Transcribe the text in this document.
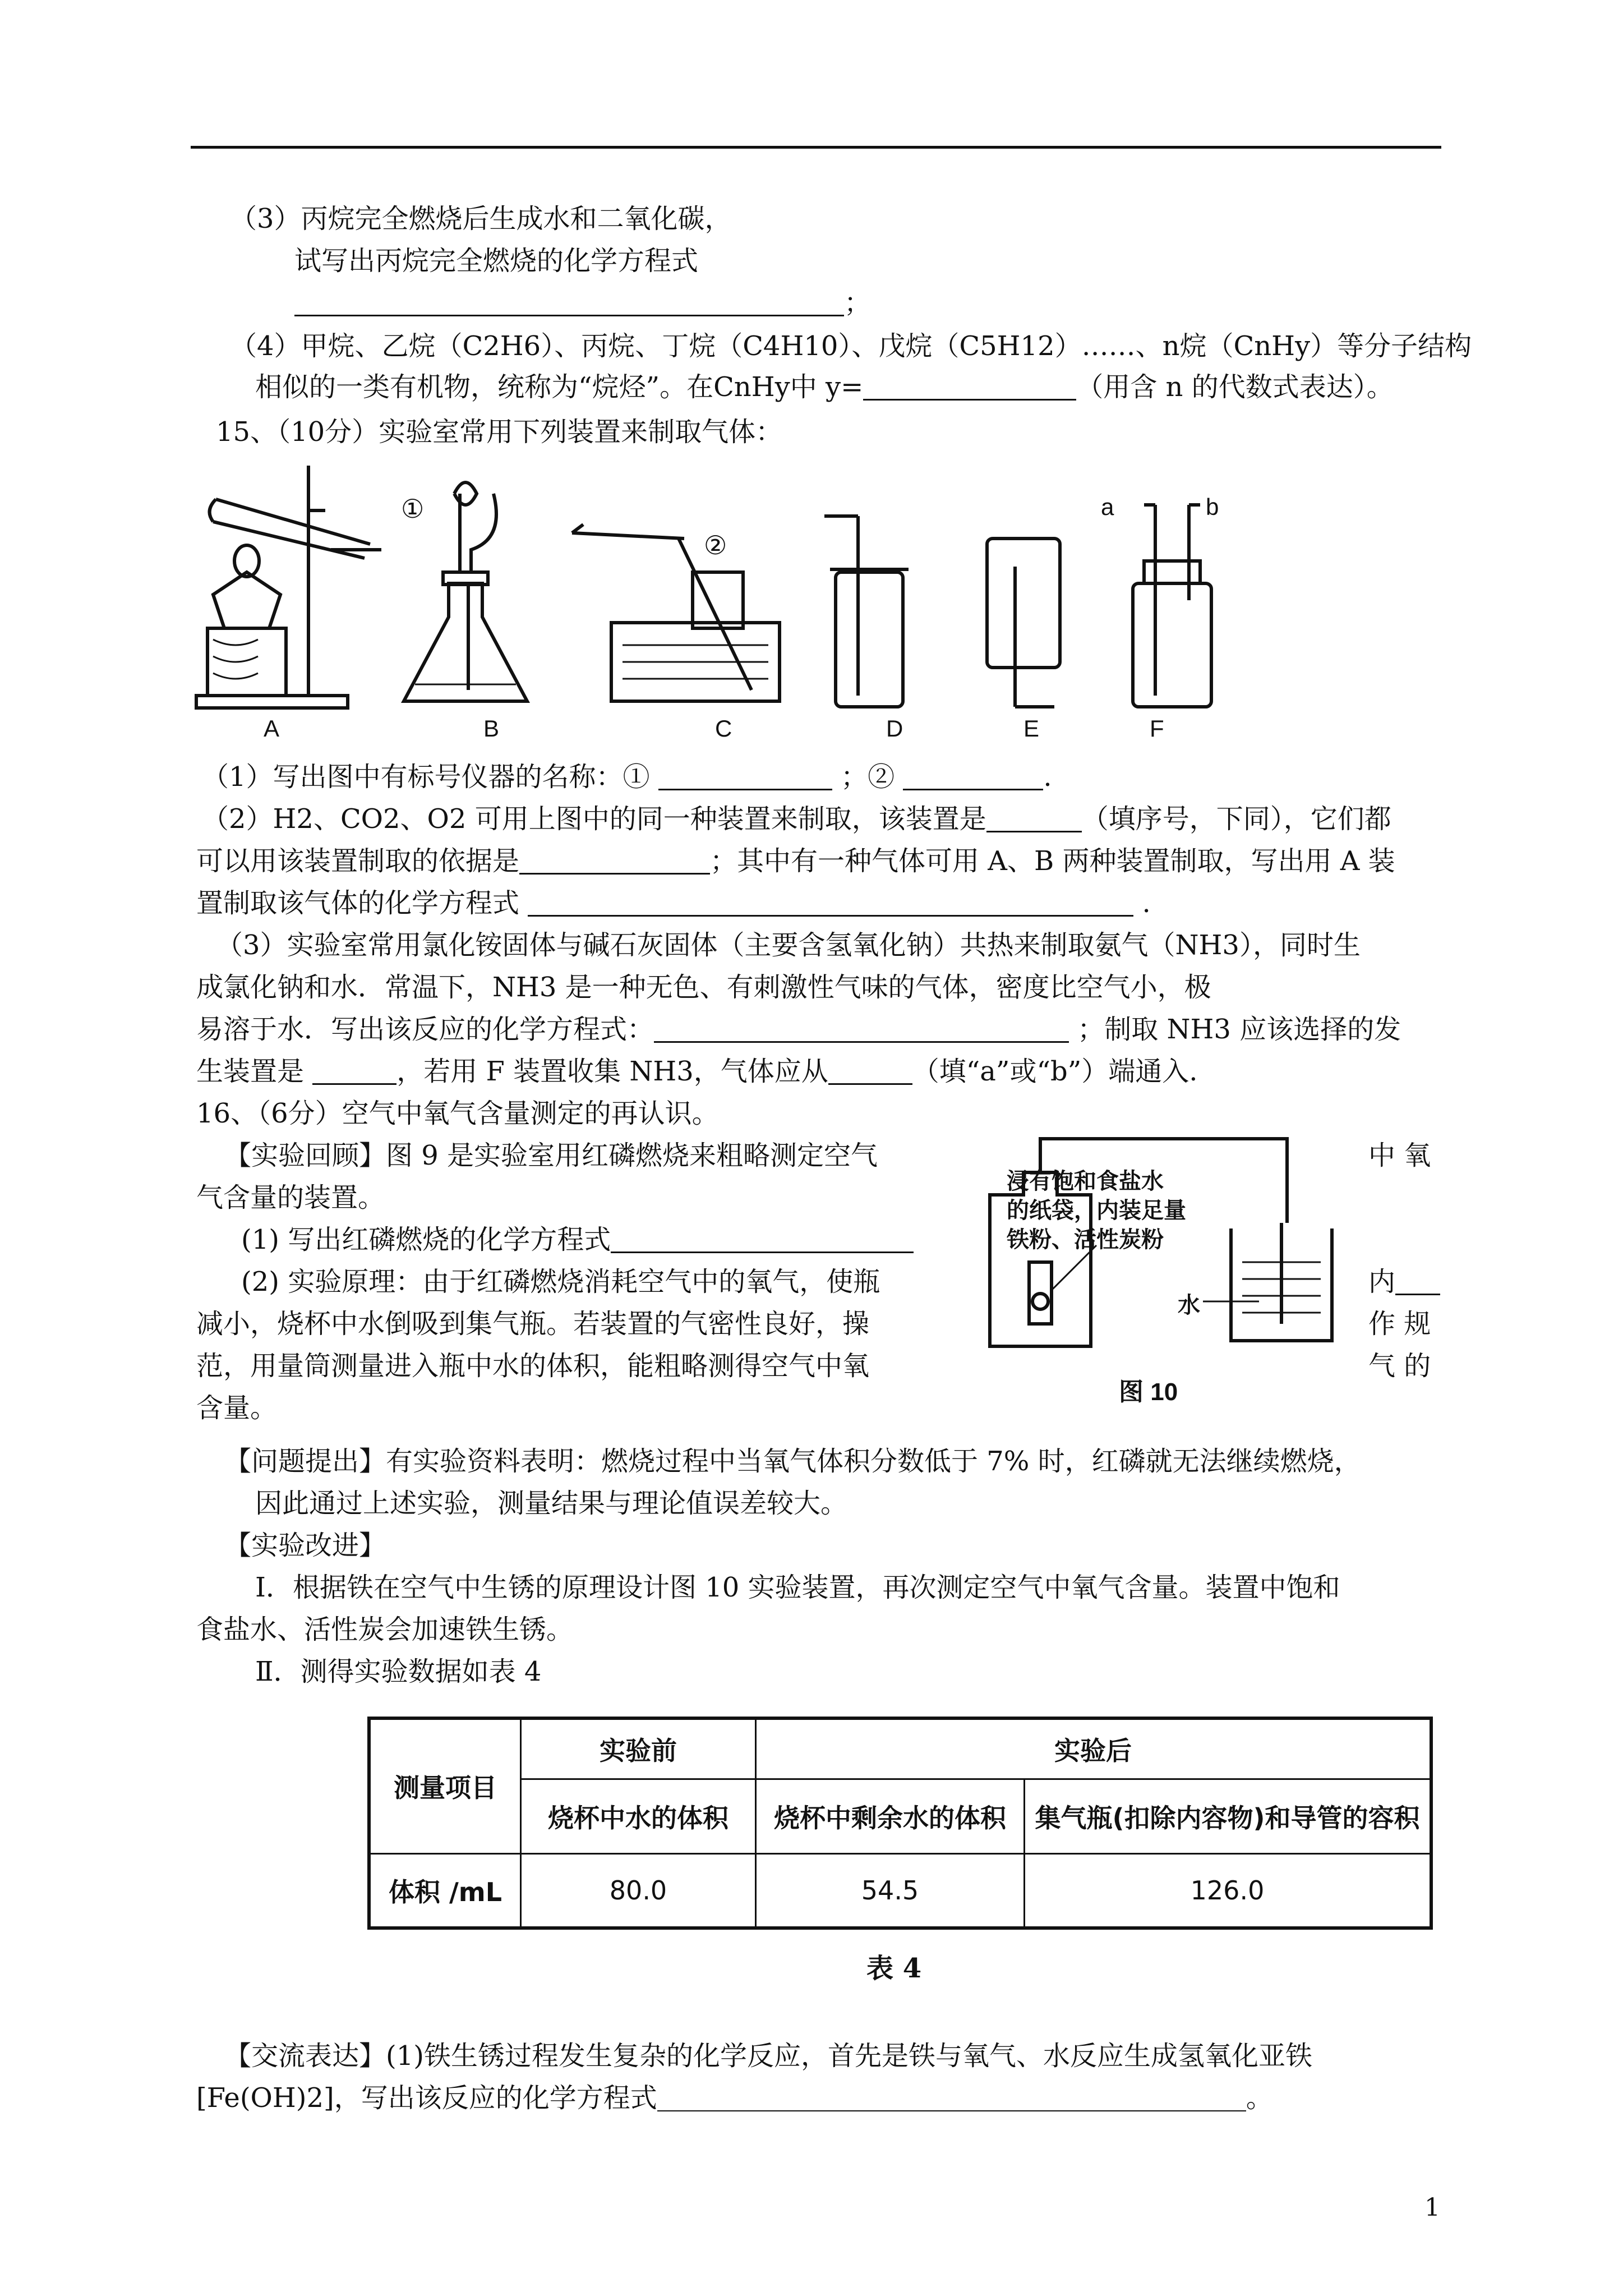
（3）丙烷完全燃烧后生成水和二氧化碳，
试写出丙烷完全燃烧的化学方程式
；
（4）甲烷、乙烷（C2H6）、丙烷、丁烷（C4H10）、戊烷（C5H12）……、n烷（CnHy）等分子结构
相似的一类有机物，统称为“烷烃”。在CnHy中 y=	（用含 n 的代数式表达）。
15、（10分）实验室常用下列装置来制取气体：
①
②
a	b
A	B	C	D	E	F
（1）写出图中有标号仪器的名称：①	；②	.
（2）H2、CO2、O2 可用上图中的同一种装置来制取，该装置是	（填序号，下同），它们都
可以用该装置制取的依据是	；其中有一种气体可用 A、B 两种装置制取，写出用 A 装
置制取该气体的化学方程式	.
（3）实验室常用氯化铵固体与碱石灰固体（主要含氢氧化钠）共热来制取氨气（NH3），同时生
成氯化钠和水．常温下，NH3 是一种无色、有刺激性气味的气体，密度比空气小，极
易溶于水．写出该反应的化学方程式：	；制取 NH3 应该选择的发
生装置是	，若用 F 装置收集 NH3，气体应从	（填“a”或“b”）端通入.
16、（6分）空气中氧气含量测定的再认识。
【实验回顾】图 9 是实验室用红磷燃烧来粗略测定空气	中 氧
气含量的装置。
(1) 写出红磷燃烧的化学方程式
(2) 实验原理：由于红磷燃烧消耗空气中的氧气，使瓶	内
减小，烧杯中水倒吸到集气瓶。若装置的气密性良好，操	作 规
范，用量筒测量进入瓶中水的体积，能粗略测得空气中氧	气 的
含量。
浸有饱和食盐水
的纸袋，内装足量
铁粉、活性炭粉
水
图 10
【问题提出】有实验资料表明：燃烧过程中当氧气体积分数低于 7% 时，红磷就无法继续燃烧，
因此通过上述实验，测量结果与理论值误差较大。
【实验改进】
Ⅰ．根据铁在空气中生锈的原理设计图 10 实验装置，再次测定空气中氧气含量。装置中饱和
食盐水、活性炭会加速铁生锈。
Ⅱ．测得实验数据如表 4
测量项目	实验前	实验后	
	烧杯中水的体积	烧杯中剩余水的体积	集气瓶(扣除内容物)和导管的容积
体积 /mL	80.0	54.5	126.0
表 4
【交流表达】(1)铁生锈过程发生复杂的化学反应，首先是铁与氧气、水反应生成氢氧化亚铁
[Fe(OH)2]，写出该反应的化学方程式	。
1
